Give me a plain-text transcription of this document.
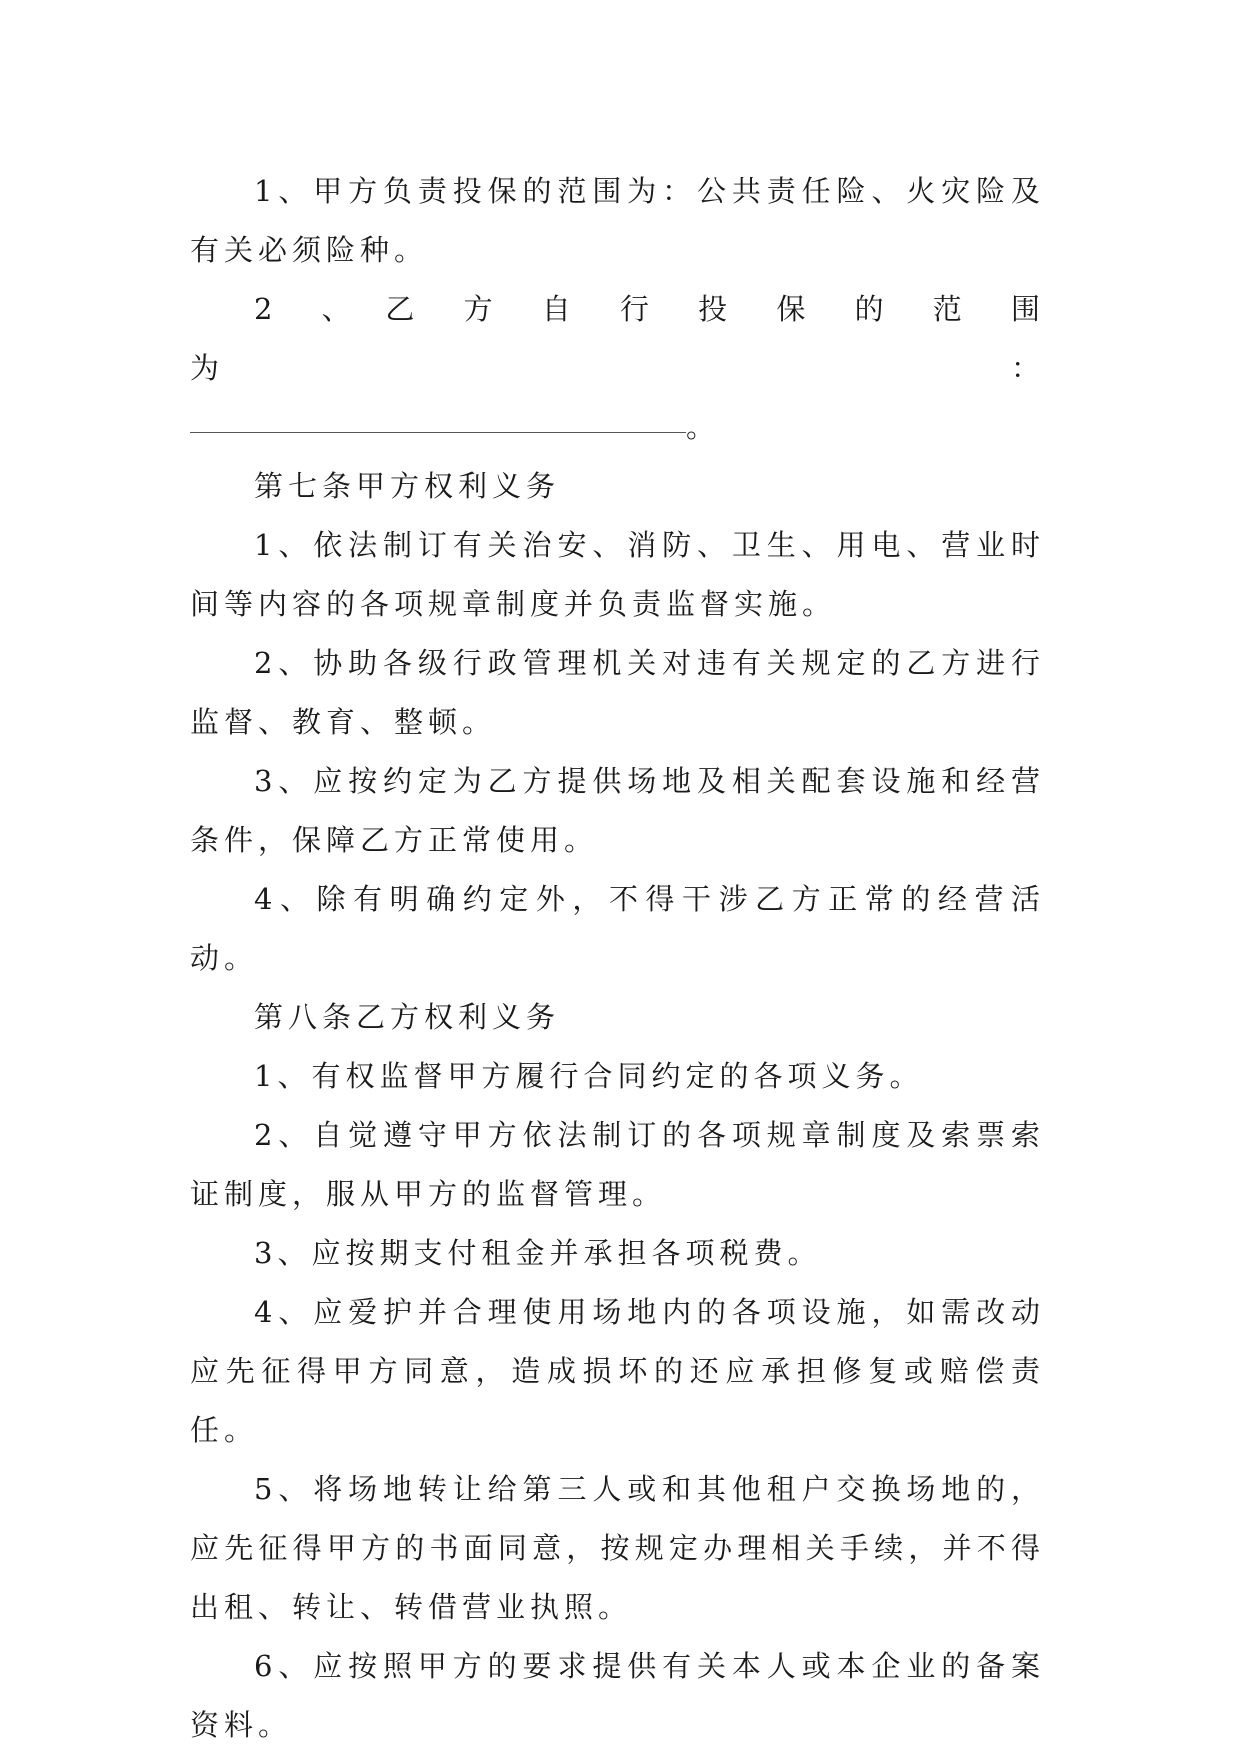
1、甲方负责投保的范围为：公共责任险、火灾险及有关必须险种。

2　、　乙　方　自　行　投　保　的　范　围　为　：

。

第七条甲方权利义务

1、依法制订有关治安、消防、卫生、用电、营业时间等内容的各项规章制度并负责监督实施。

2、协助各级行政管理机关对违有关规定的乙方进行监督、教育、整顿。

3、应按约定为乙方提供场地及相关配套设施和经营条件，保障乙方正常使用。

4、除有明确约定外，不得干涉乙方正常的经营活动。

第八条乙方权利义务

1、有权监督甲方履行合同约定的各项义务。

2、自觉遵守甲方依法制订的各项规章制度及索票索证制度，服从甲方的监督管理。

3、应按期支付租金并承担各项税费。

4、应爱护并合理使用场地内的各项设施，如需改动应先征得甲方同意，造成损坏的还应承担修复或赔偿责任。

5、将场地转让给第三人或和其他租户交换场地的，应先征得甲方的书面同意，按规定办理相关手续，并不得出租、转让、转借营业执照。

6、应按照甲方的要求提供有关本人或本企业的备案资料。
